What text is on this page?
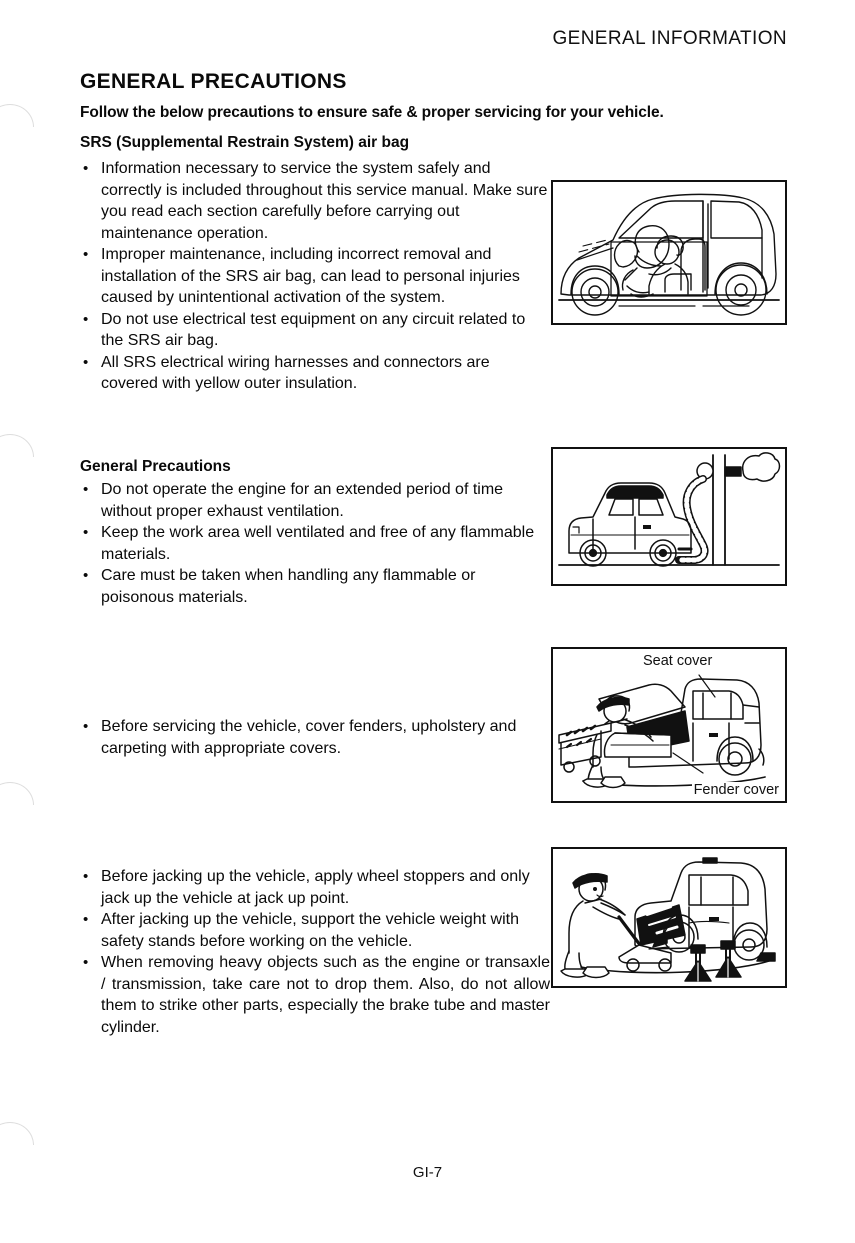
GENERAL INFORMATION
GENERAL PRECAUTIONS
Follow the below precautions to ensure safe & proper servicing for your vehicle.
SRS (Supplemental Restrain System) air bag
• Information necessary to service the system safely and correctly is included throughout this service manual. Make sure you read each section carefully before carrying out maintenance operation.
• Improper maintenance, including incorrect removal and installation of the SRS air bag, can lead to personal injuries caused by unintentional activation of the system.
• Do not use electrical test equipment on any circuit related to the SRS air bag.
• All SRS electrical wiring harnesses and connectors are covered with yellow outer insulation.
General Precautions
• Do not operate the engine for an extended period of time without proper exhaust ventilation.
• Keep the work area well ventilated and free of any flammable materials.
• Care must be taken when handling any flammable or poisonous materials.
• Before servicing the vehicle, cover fenders, upholstery and carpeting with appropriate covers.
• Before jacking up the vehicle, apply wheel stoppers and only jack up the vehicle at jack up point.
• After jacking up the vehicle, support the vehicle weight with safety stands before working on the vehicle.
• When removing heavy objects such as the engine or transaxle / transmission, take care not to drop them. Also, do not allow them to strike other parts, especially the brake tube and master cylinder.
Seat cover
Fender cover
GI-7
